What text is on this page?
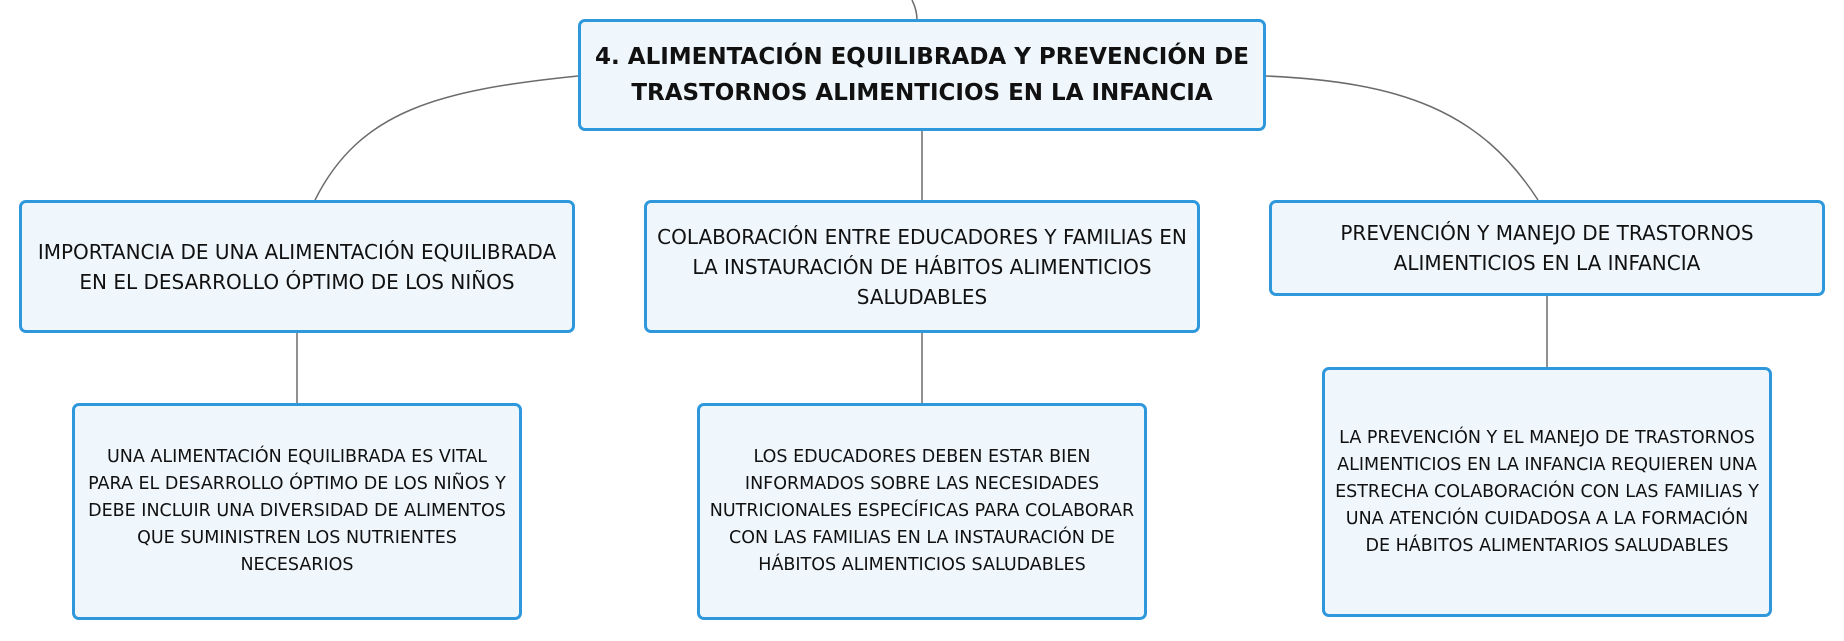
4. ALIMENTACIÓN EQUILIBRADA Y PREVENCIÓN DE TRASTORNOS ALIMENTICIOS EN LA INFANCIA
IMPORTANCIA DE UNA ALIMENTACIÓN EQUILIBRADA EN EL DESARROLLO ÓPTIMO DE LOS NIÑOS
COLABORACIÓN ENTRE EDUCADORES Y FAMILIAS EN LA INSTAURACIÓN DE HÁBITOS ALIMENTICIOS SALUDABLES
PREVENCIÓN Y MANEJO DE TRASTORNOS ALIMENTICIOS EN LA INFANCIA
UNA ALIMENTACIÓN EQUILIBRADA ES VITAL PARA EL DESARROLLO ÓPTIMO DE LOS NIÑOS Y DEBE INCLUIR UNA DIVERSIDAD DE ALIMENTOS QUE SUMINISTREN LOS NUTRIENTES NECESARIOS
LOS EDUCADORES DEBEN ESTAR BIEN INFORMADOS SOBRE LAS NECESIDADES NUTRICIONALES ESPECÍFICAS PARA COLABORAR CON LAS FAMILIAS EN LA INSTAURACIÓN DE HÁBITOS ALIMENTICIOS SALUDABLES
LA PREVENCIÓN Y EL MANEJO DE TRASTORNOS ALIMENTICIOS EN LA INFANCIA REQUIEREN UNA ESTRECHA COLABORACIÓN CON LAS FAMILIAS Y UNA ATENCIÓN CUIDADOSA A LA FORMACIÓN DE HÁBITOS ALIMENTARIOS SALUDABLES
